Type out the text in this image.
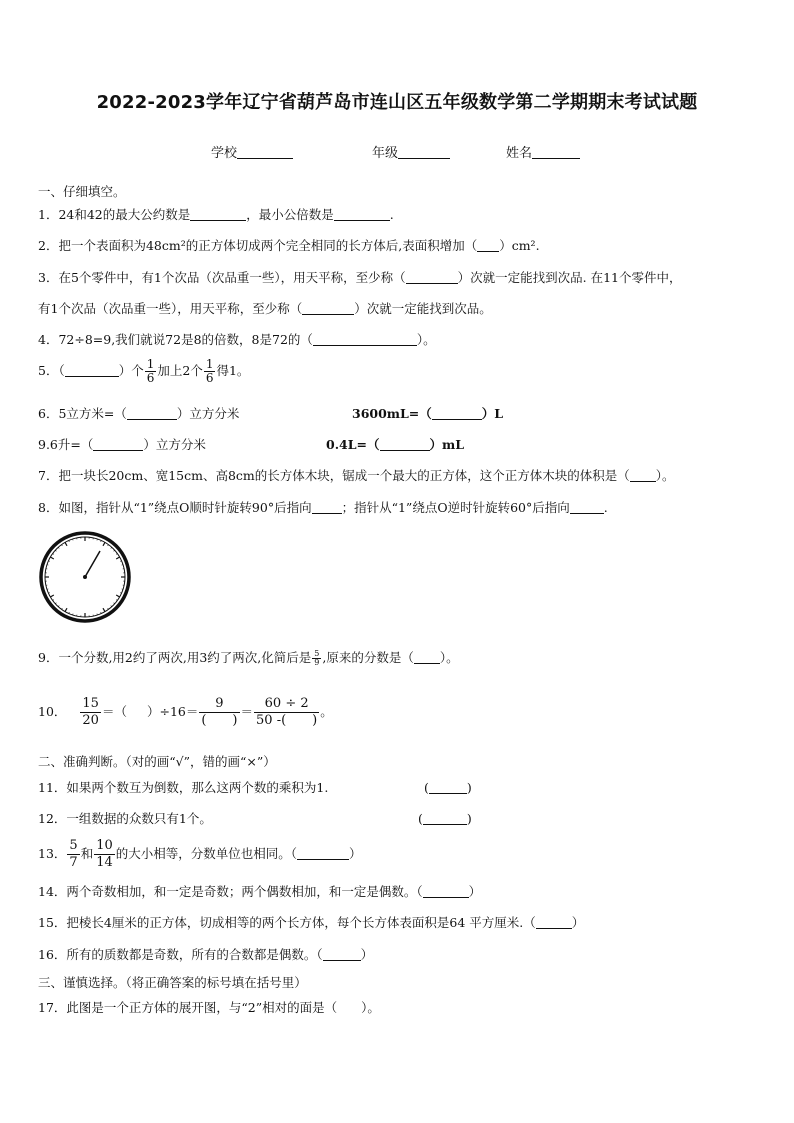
2022-2023学年辽宁省葫芦岛市连山区五年级数学第二学期期末考试试题
学校	年级	姓名
一、仔细填空。
1．24和42的最大公约数是	，最小公倍数是	.
2．把一个表面积为48cm²的正方体切成两个完全相同的长方体后,表面积增加（ ）cm².
3．在5个零件中，有1个次品（次品重一些），用天平称，至少称（	）次就一定能找到次品. 在11个零件中，
有1个次品（次品重一些），用天平称，至少称（	）次就一定能找到次品。
4．72÷8=9,我们就说72是8的倍数，8是72的（	）。
5．（	）个 $\frac{1}{6}$ 加上2个 $\frac{1}{6}$ 得1。
6．5立方米=（	）立方分米	3600mL=（	）L
9.6升=（	）立方分米	0.4L=（	）mL
7．把一块长20cm、宽15cm、高8cm的长方体木块，锯成一个最大的正方体，这个正方体木块的体积是（ ）。
8．如图，指针从“1”绕点O顺时针旋转90°后指向 ；指针从“1”绕点O逆时针旋转60°后指向	.
9．一个分数,用2约了两次,用3约了两次,化简后是 $\frac{5}{9}$ ,原来的分数是（ ）。
10． $\frac{15}{20}$ ＝（ ）$\div 16= \frac{9}{( )} = \frac{60 \div 2}{50 -( )}$ 。
二、准确判断。（对的画“√”，错的画“×”）
11．如果两个数互为倒数，那么这两个数的乘积为1.	(	)
12．一组数据的众数只有1个。	(	)
13． $\frac{5}{7}$ 和 $\frac{10}{14}$ 的大小相等，分数单位也相同。（	）
14．两个奇数相加，和一定是奇数；两个偶数相加，和一定是偶数。（	）
15．把棱长4厘米的正方体，切成相等的两个长方体，每个长方体表面积是64 平方厘米.（	）
16．所有的质数都是奇数，所有的合数都是偶数。（	）
三、谨慎选择。（将正确答案的标号填在括号里）
17．此图是一个正方体的展开图，与“2”相对的面是（ ）。
